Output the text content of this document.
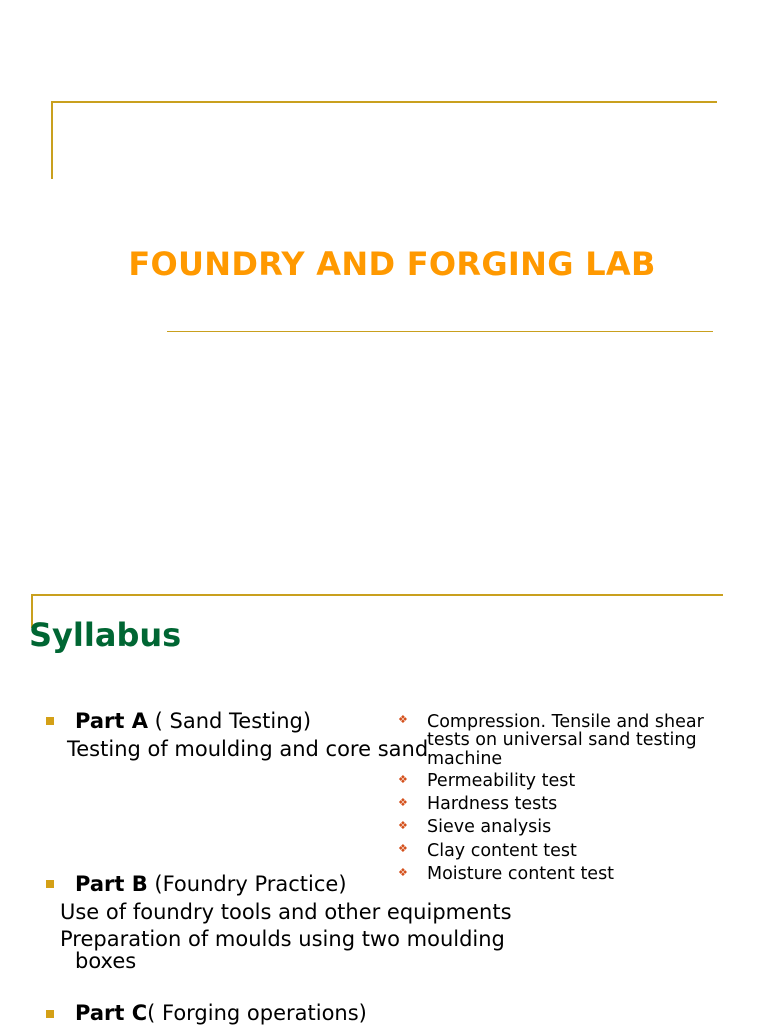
FOUNDRY AND FORGING LAB
Syllabus
Part A ( Sand Testing)
Testing of moulding and core sand
Part B (Foundry Practice)
Use of foundry tools and other equipments
Preparation of moulds using two moulding
boxes
Part C( Forging operations)
❖ Compression. Tensile and shear
tests on universal sand testing
machine
❖ Permeability test
❖ Hardness tests
❖ Sieve analysis
❖ Clay content test
❖ Moisture content test
